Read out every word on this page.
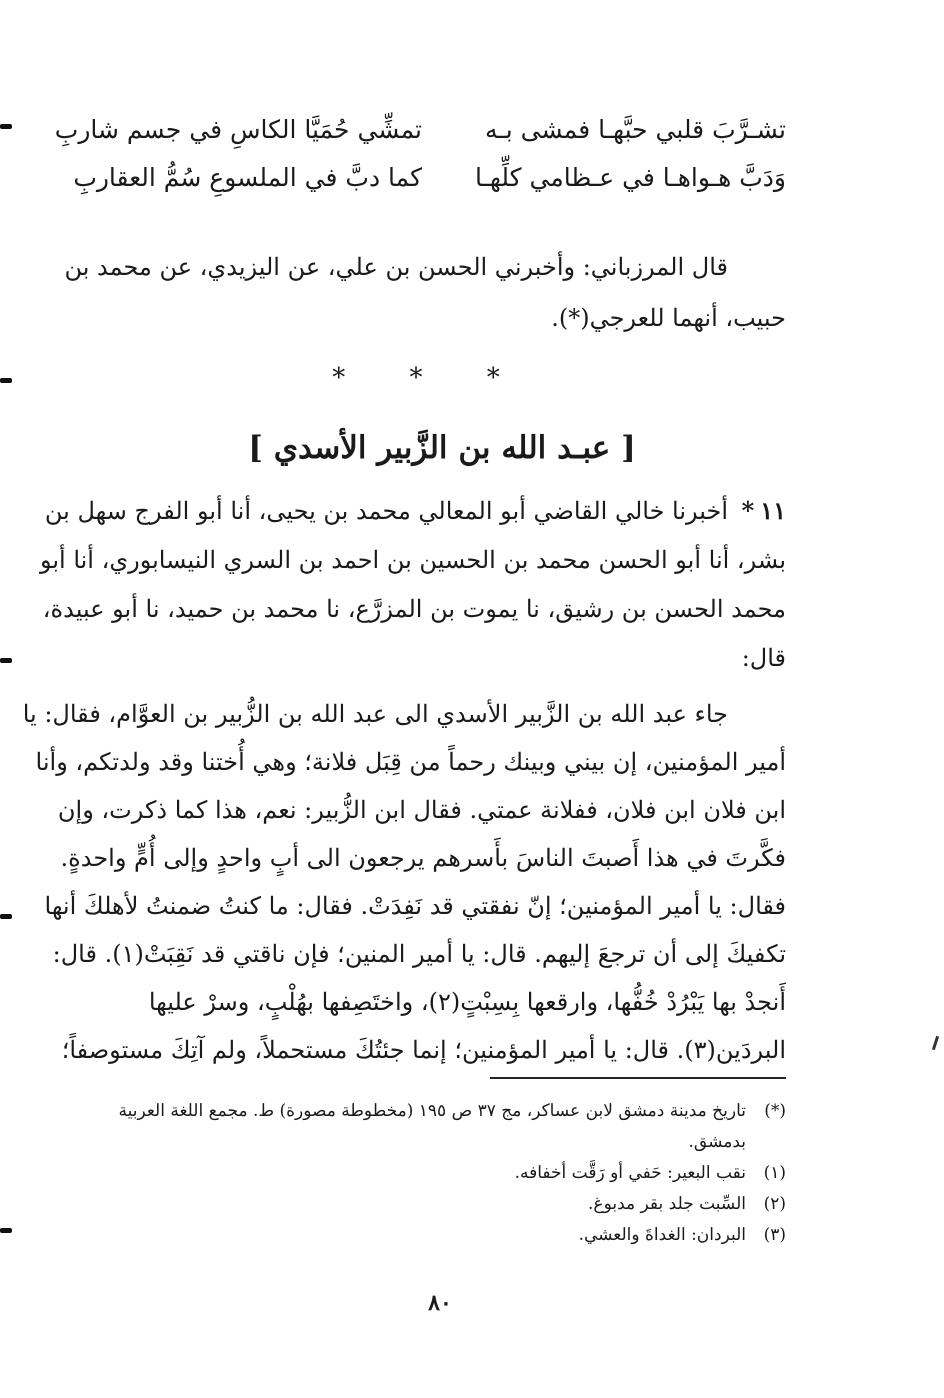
تشـرَّبَ قلبي حبَّهـا فمشى بـه
تمشِّي حُمَيَّا الكاسِ في جسم شاربِ
وَدَبَّ هـواهـا في عـظامي كلِّهـا
كما دبَّ في الملسوعِ سُمُّ العقاربِ

قال المرزباني: وأخبرني الحسن بن علي، عن اليزيدي، عن محمد بن
حبيب، أنهما للعرجي(*).

* * *
[ عبـد الله بن الزَّبير الأسدي ]

١١* أخبرنا خالي القاضي أبو المعالي محمد بن يحيى، أنا أبو الفرج سهل بن
بشر، أنا أبو الحسن محمد بن الحسين بن احمد بن السري النيسابوري، أنا أبو
محمد الحسن بن رشيق، نا يموت بن المزرَّع، نا محمد بن حميد، نا أبو عبيدة،
قال:

جاء عبد الله بن الزَّبير الأسدي الى عبد الله بن الزُّبير بن العوَّام، فقال: يا
أمير المؤمنين، إن بيني وبينك رحماً من قِبَل فلانة؛ وهي أُختنا وقد ولدتكم، وأنا
ابن فلان ابن فلان، ففلانة عمتي. فقال ابن الزُّبير: نعم، هذا كما ذكرت، وإن
فكَّرتَ في هذا أَصبتَ الناسَ بأَسرهم يرجعون الى أبٍ واحدٍ وإلى أُمٍّ واحدةٍ.
فقال: يا أمير المؤمنين؛ إنّ نفقتي قد نَفِدَتْ. فقال: ما كنتُ ضمنتُ لأهلكَ أنها
تكفيكَ إلى أن ترجعَ إليهم. قال: يا أمير المنين؛ فإن ناقتي قد نَقِبَتْ(١). قال:
أَنجدْ بها يَبْرُدْ خُفُّها، وارقعها بِسِبْتٍ(٢)، واختَصِفها بهُلْبٍ، وسرْ عليها
البردَين(٣). قال: يا أمير المؤمنين؛ إنما جئتُكَ مستحملاً، ولم آتِكَ مستوصفاً؛

(*)
تاريخ مدينة دمشق لابن عساكر، مج ٣٧ ص ١٩٥ (مخطوطة مصورة) ط. مجمع اللغة العربية بدمشق.
(١)
نقب البعير: حَفي أو رَقَّت أخفافه.
(٢)
السِّبت جلد بقر مدبوغ.
(٣)
البردان: الغداةَ والعشي.
٨٠
